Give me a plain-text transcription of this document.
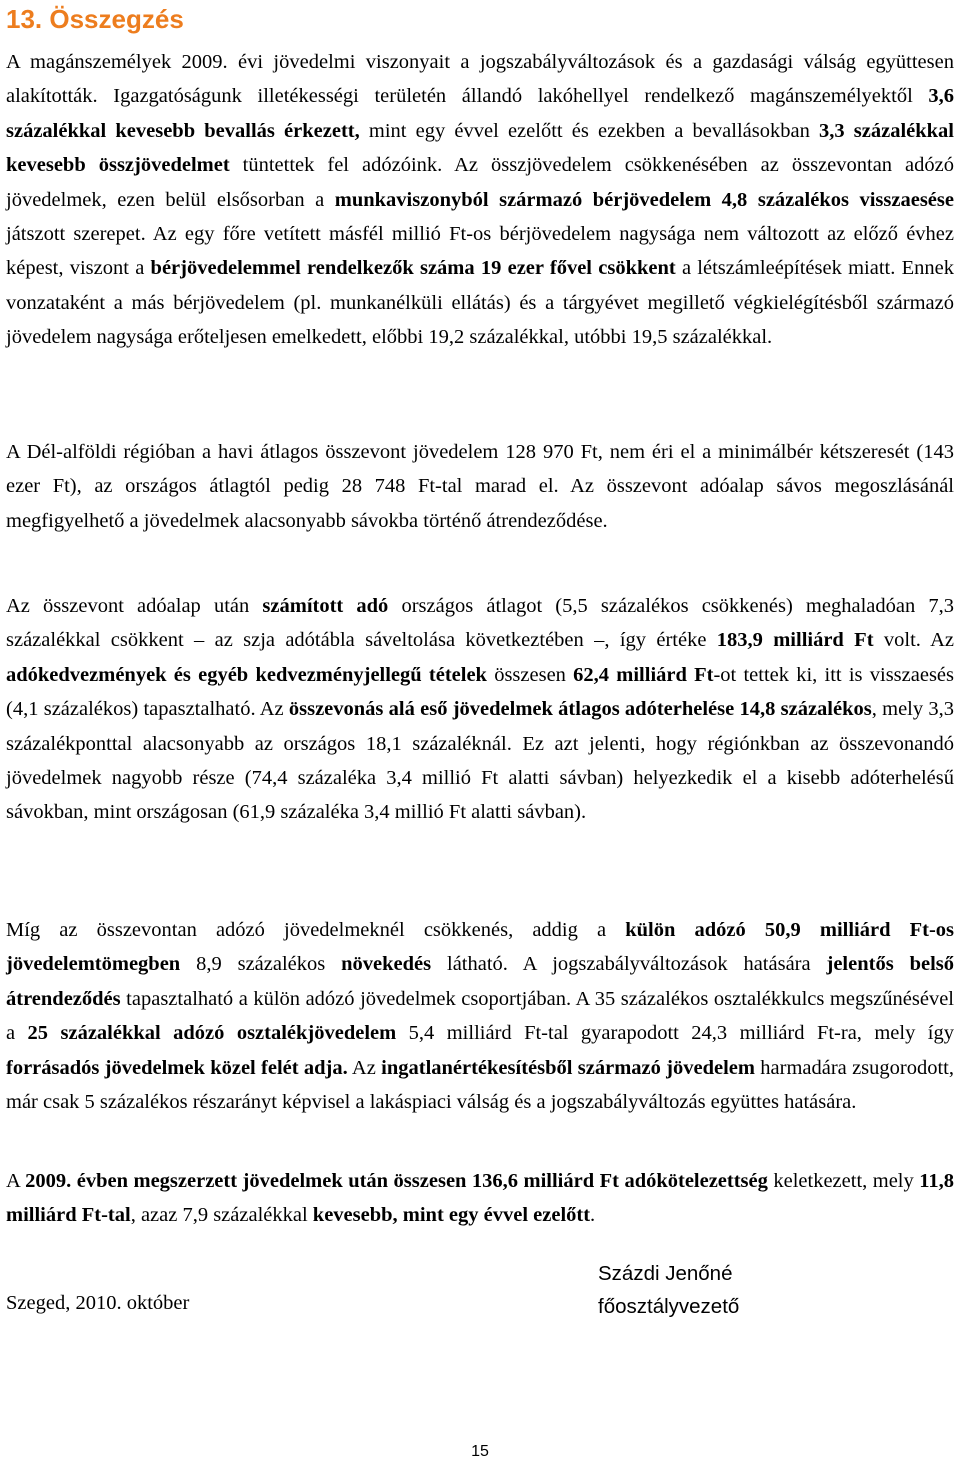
13. Összegzés

A magánszemélyek 2009. évi jövedelmi viszonyait a jogszabályváltozások és a gazdasági válság együttesen alakították. Igazgatóságunk illetékességi területén állandó lakóhellyel rendelkező magánszemélyektől 3,6 százalékkal kevesebb bevallás érkezett, mint egy évvel ezelőtt és ezekben a bevallásokban 3,3 százalékkal kevesebb összjövedelmet tüntettek fel adózóink. Az összjövedelem csökkenésében az összevontan adózó jövedelmek, ezen belül elsősorban a munkaviszonyból származó bérjövedelem 4,8 százalékos visszaesése játszott szerepet. Az egy főre vetített másfél millió Ft-os bérjövedelem nagysága nem változott az előző évhez képest, viszont a bérjövedelemmel rendelkezők száma 19 ezer fővel csökkent a létszámleépítések miatt. Ennek vonzataként a más bérjövedelem (pl. munkanélküli ellátás) és a tárgyévet megillető végkielégítésből származó jövedelem nagysága erőteljesen emelkedett, előbbi 19,2 százalékkal, utóbbi 19,5 százalékkal.

A Dél-alföldi régióban a havi átlagos összevont jövedelem 128 970 Ft, nem éri el a minimálbér kétszeresét (143 ezer Ft), az országos átlagtól pedig 28 748 Ft-tal marad el. Az összevont adóalap sávos megoszlásánál megfigyelhető a jövedelmek alacsonyabb sávokba történő átrendeződése.

Az összevont adóalap után számított adó országos átlagot (5,5 százalékos csökkenés) meghaladóan 7,3 százalékkal csökkent – az szja adótábla sáveltolása következtében –, így értéke 183,9 milliárd Ft volt. Az adókedvezmények és egyéb kedvezményjellegű tételek összesen 62,4 milliárd Ft-ot tettek ki, itt is visszaesés (4,1 százalékos) tapasztalható. Az összevonás alá eső jövedelmek átlagos adóterhelése 14,8 százalékos, mely 3,3 százalékponttal alacsonyabb az országos 18,1 százaléknál. Ez azt jelenti, hogy régiónkban az összevonandó jövedelmek nagyobb része (74,4 százaléka 3,4 millió Ft alatti sávban) helyezkedik el a kisebb adóterhelésű sávokban, mint országosan (61,9 százaléka 3,4 millió Ft alatti sávban).

Míg az összevontan adózó jövedelmeknél csökkenés, addig a külön adózó 50,9 milliárd Ft-os jövedelemtömegben 8,9 százalékos növekedés látható. A jogszabályváltozások hatására jelentős belső átrendeződés tapasztalható a külön adózó jövedelmek csoportjában. A 35 százalékos osztalékkulcs megszűnésével a 25 százalékkal adózó osztalékjövedelem 5,4 milliárd Ft-tal gyarapodott 24,3 milliárd Ft-ra, mely így forrásadós jövedelmek közel felét adja. Az ingatlanértékesítésből származó jövedelem harmadára zsugorodott, már csak 5 százalékos részarányt képvisel a lakáspiaci válság és a jogszabályváltozás együttes hatására.

A 2009. évben megszerzett jövedelmek után összesen 136,6 milliárd Ft adókötelezettség keletkezett, mely 11,8 milliárd Ft-tal, azaz 7,9 százalékkal kevesebb, mint egy évvel ezelőtt.

Szeged, 2010. október

Százdi Jenőné
főosztályvezető
15
